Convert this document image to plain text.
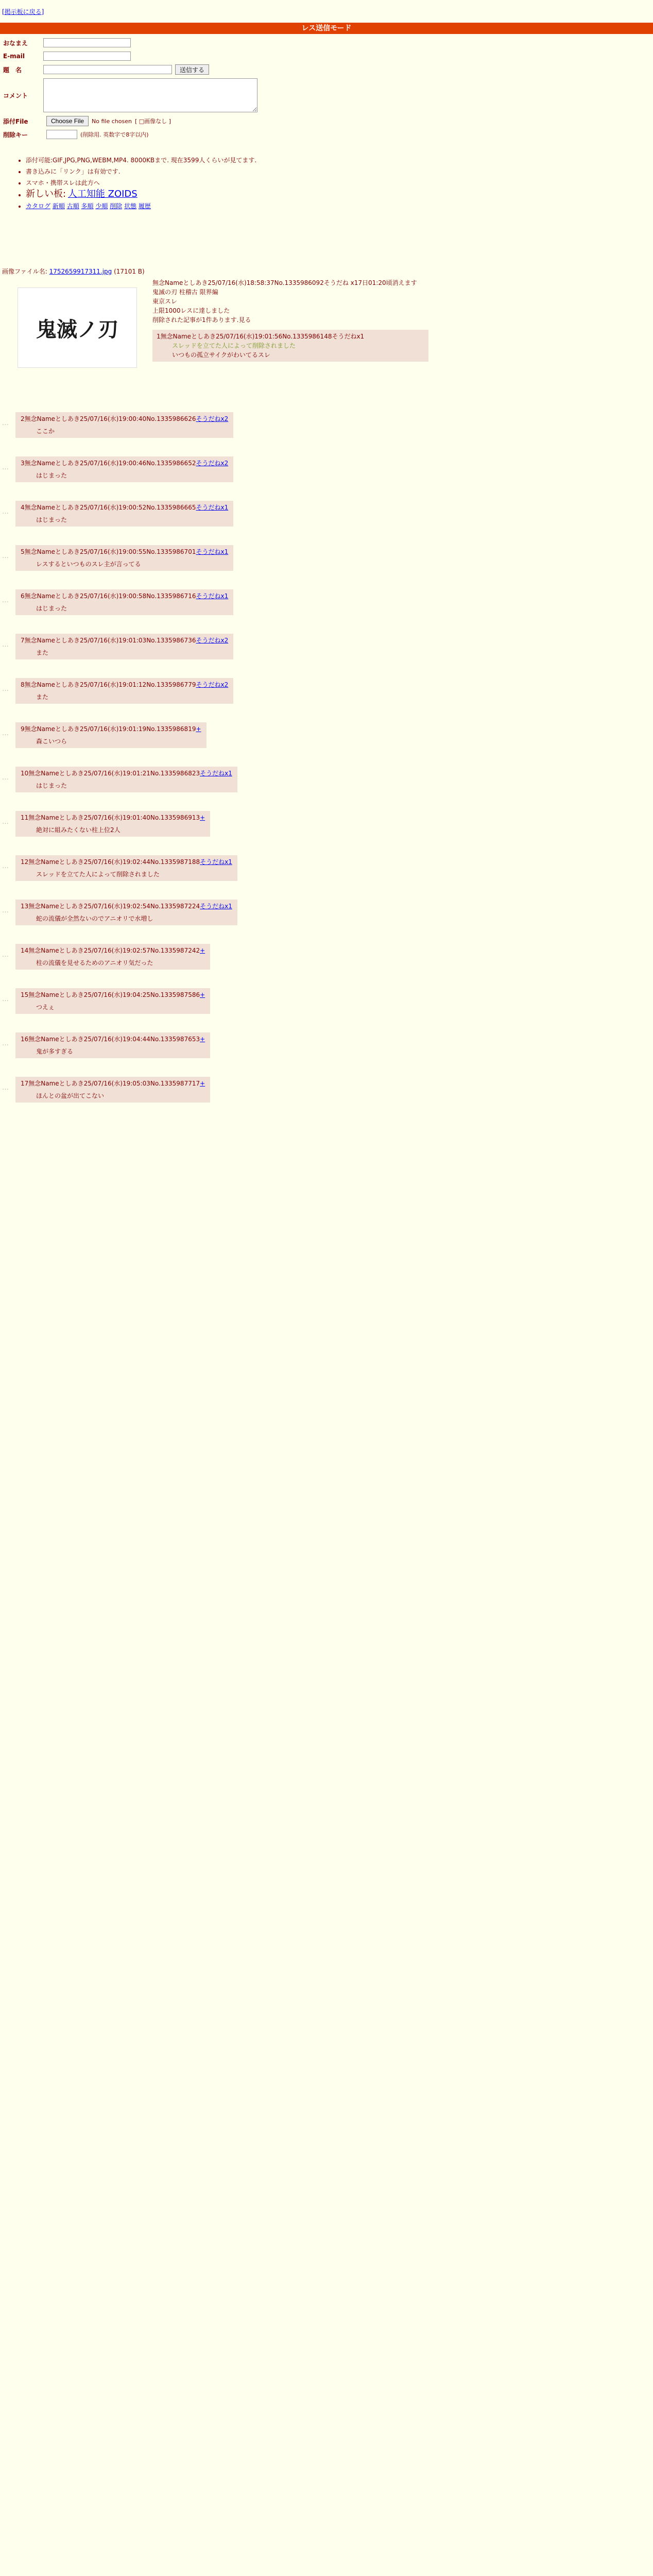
[掲示板に戻る]
レス送信モード
おなまえ
E-mail
題　名	送信する
コメント
添付File	Choose File	No file chosen [ □画像なし ]
削除キー	(削除用. 英数字で8字以内)
• 添付可能:GIF,JPG,PNG,WEBM,MP4. 8000KBまで. 現在3599人くらいが見てます.
• 書き込みに「リンク」は有効です.
• スマホ・携帯スレは此方へ
• 新しい板: 人工知能 ZOIDS
• カタログ 新順 古順 多順 少順 削除 状態 履歴
画像ファイル名: 1752659917311.jpg (17101 B)
鬼滅ノ刃
無念Nameとしあき25/07/16(水)18:58:37No.1335986092そうだね x17日01:20頃消えます
鬼滅の刃 柱稽古 限界編
東京スレ
上限1000レスに達しました
削除された記事が1件あります.見る
1無念Nameとしあき25/07/16(水)19:01:56No.1335986148そうだねx1
スレッドを立てた人によって削除されました
いつもの孤立サイクがわいてるスレ
…
2無念Nameとしあき25/07/16(水)19:00:40No.1335986626そうだねx2
ここか
…
3無念Nameとしあき25/07/16(水)19:00:46No.1335986652そうだねx2
はじまった
…
4無念Nameとしあき25/07/16(水)19:00:52No.1335986665そうだねx1
はじまった
…
5無念Nameとしあき25/07/16(水)19:00:55No.1335986701そうだねx1
レスするといつものスレ主が言ってる
…
6無念Nameとしあき25/07/16(水)19:00:58No.1335986716そうだねx1
はじまった
…
7無念Nameとしあき25/07/16(水)19:01:03No.1335986736そうだねx2
また
…
8無念Nameとしあき25/07/16(水)19:01:12No.1335986779そうだねx2
また
…
9無念Nameとしあき25/07/16(水)19:01:19No.1335986819+
森こいつら
…
10無念Nameとしあき25/07/16(水)19:01:21No.1335986823そうだねx1
はじまった
…
11無念Nameとしあき25/07/16(水)19:01:40No.1335986913+
絶対に組みたくない柱上位2人
…
12無念Nameとしあき25/07/16(水)19:02:44No.1335987188そうだねx1
スレッドを立てた人によって削除されました
…
13無念Nameとしあき25/07/16(水)19:02:54No.1335987224そうだねx1
蛇の流儀が全然ないのでアニオリで水増し
…
14無念Nameとしあき25/07/16(水)19:02:57No.1335987242+
柱の流儀を見せるためのアニオリ気だった
…
15無念Nameとしあき25/07/16(水)19:04:25No.1335987586+
つえぇ
…
16無念Nameとしあき25/07/16(水)19:04:44No.1335987653+
鬼が多すぎる
…
17無念Nameとしあき25/07/16(水)19:05:03No.1335987717+
ほんとの盆が出てこない
